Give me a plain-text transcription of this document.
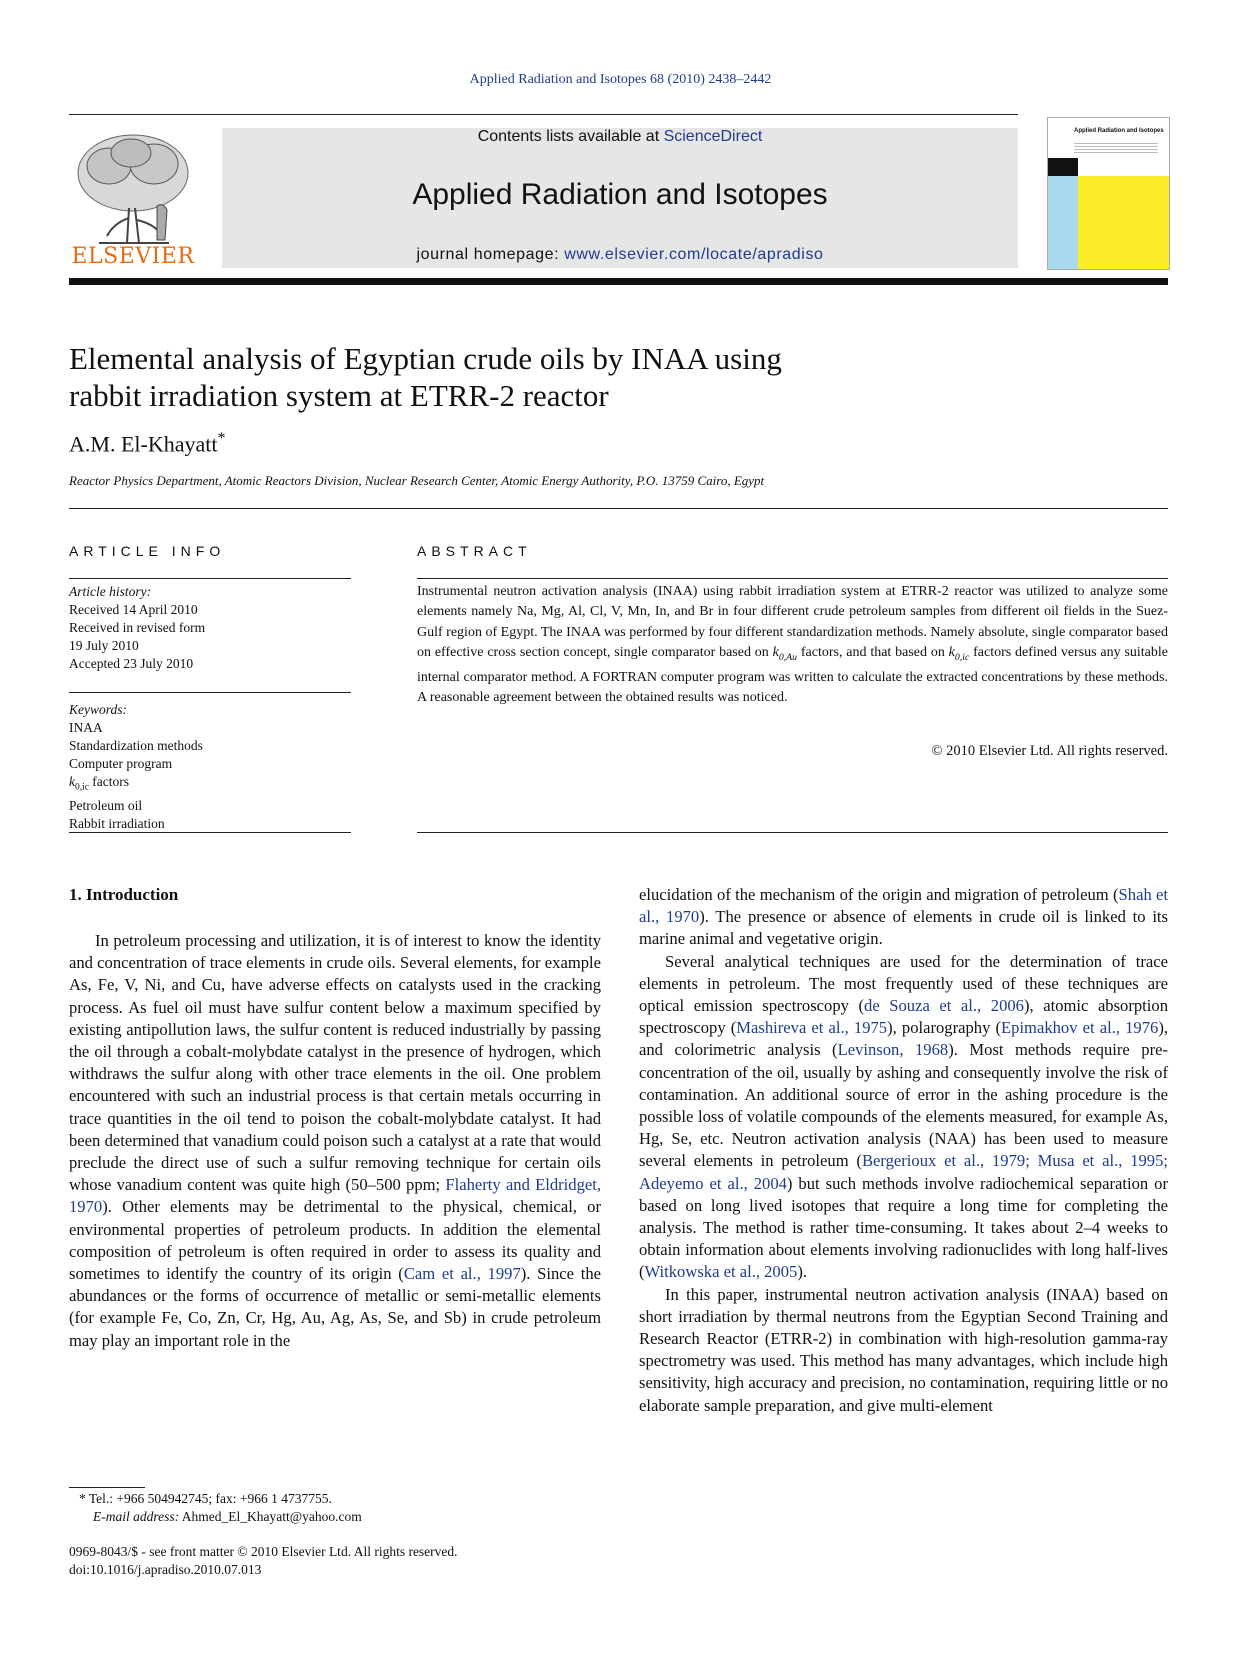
Applied Radiation and Isotopes 68 (2010) 2438–2442
ELSEVIER
Contents lists available at ScienceDirect
Applied Radiation and Isotopes
journal homepage: www.elsevier.com/locate/apradiso
Applied Radiation and Isotopes
Elemental analysis of Egyptian crude oils by INAA using
rabbit irradiation system at ETRR-2 reactor
A.M. El-Khayatt*
Reactor Physics Department, Atomic Reactors Division, Nuclear Research Center, Atomic Energy Authority, P.O. 13759 Cairo, Egypt
ARTICLE INFO
Article history:
Received 14 April 2010
Received in revised form
19 July 2010
Accepted 23 July 2010
Keywords:
INAA
Standardization methods
Computer program
$k_{0,ic}$ factors
Petroleum oil
Rabbit irradiation
ABSTRACT
Instrumental neutron activation analysis (INAA) using rabbit irradiation system at ETRR-2 reactor was utilized to analyze some elements namely Na, Mg, Al, Cl, V, Mn, In, and Br in four different crude petroleum samples from different oil fields in the Suez-Gulf region of Egypt. The INAA was performed by four different standardization methods. Namely absolute, single comparator based on effective cross section concept, single comparator based on $k_{0,Au}$ factors, and that based on $k_{0,ic}$ factors defined versus any suitable internal comparator method. A FORTRAN computer program was written to calculate the extracted concentrations by these methods. A reasonable agreement between the obtained results was noticed.
© 2010 Elsevier Ltd. All rights reserved.
1. Introduction

In petroleum processing and utilization, it is of interest to know the identity and concentration of trace elements in crude oils. Several elements, for example As, Fe, V, Ni, and Cu, have adverse effects on catalysts used in the cracking process. As fuel oil must have sulfur content below a maximum specified by existing antipollution laws, the sulfur content is reduced industrially by passing the oil through a cobalt-molybdate catalyst in the presence of hydrogen, which withdraws the sulfur along with other trace elements in the oil. One problem encountered with such an industrial process is that certain metals occurring in trace quantities in the oil tend to poison the cobalt-molybdate catalyst. It had been determined that vanadium could poison such a catalyst at a rate that would preclude the direct use of such a sulfur removing technique for certain oils whose vanadium content was quite high (50–500 ppm; Flaherty and Eldridget, 1970). Other elements may be detrimental to the physical, chemical, or environmental properties of petroleum products. In addition the elemental composition of petroleum is often required in order to assess its quality and sometimes to identify the country of its origin (Cam et al., 1997). Since the abundances or the forms of occurrence of metallic or semi-metallic elements (for example Fe, Co, Zn, Cr, Hg, Au, Ag, As, Se, and Sb) in crude petroleum may play an important role in the

elucidation of the mechanism of the origin and migration of petroleum (Shah et al., 1970). The presence or absence of elements in crude oil is linked to its marine animal and vegetative origin.

Several analytical techniques are used for the determination of trace elements in petroleum. The most frequently used of these techniques are optical emission spectroscopy (de Souza et al., 2006), atomic absorption spectroscopy (Mashireva et al., 1975), polarography (Epimakhov et al., 1976), and colorimetric analysis (Levinson, 1968). Most methods require pre-concentration of the oil, usually by ashing and consequently involve the risk of contamination. An additional source of error in the ashing procedure is the possible loss of volatile compounds of the elements measured, for example As, Hg, Se, etc. Neutron activation analysis (NAA) has been used to measure several elements in petroleum (Bergerioux et al., 1979; Musa et al., 1995; Adeyemo et al., 2004) but such methods involve radiochemical separation or based on long lived isotopes that require a long time for completing the analysis. The method is rather time-consuming. It takes about 2–4 weeks to obtain information about elements involving radionuclides with long half-lives (Witkowska et al., 2005).

In this paper, instrumental neutron activation analysis (INAA) based on short irradiation by thermal neutrons from the Egyptian Second Training and Research Reactor (ETRR-2) in combination with high-resolution gamma-ray spectrometry was used. This method has many advantages, which include high sensitivity, high accuracy and precision, no contamination, requiring little or no elaborate sample preparation, and give multi-element

* Tel.: +966 504942745; fax: +966 1 4737755.
E-mail address: Ahmed_El_Khayatt@yahoo.com
0969-8043/$ - see front matter © 2010 Elsevier Ltd. All rights reserved.
doi:10.1016/j.apradiso.2010.07.013
